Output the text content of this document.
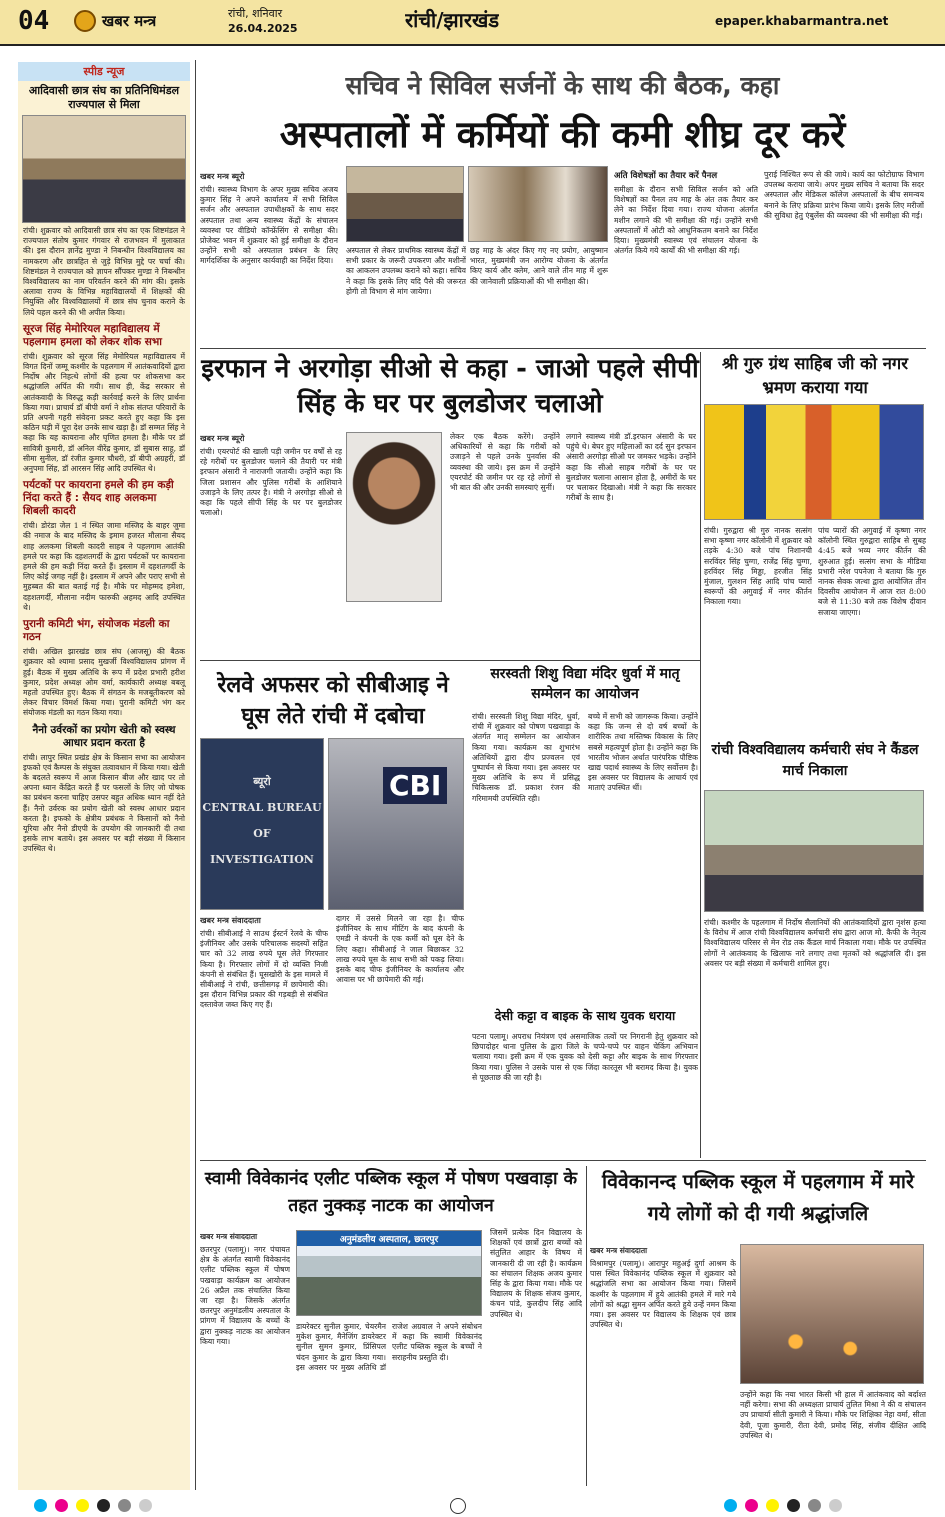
04	खबर मन्त्र	रांची, शनिवार
26.04.2025	रांची/झारखंड	epaper.khabarmantra.net
स्पीड न्यूज
आदिवासी छात्र संघ का प्रतिनिधिमंडल राज्यपाल से मिला
रांची। शुक्रवार को आदिवासी छात्र संघ का एक शिष्टमंडल ने राज्यपाल संतोष कुमार गंगवार से राजभवन में मुलाकात की। इस दौरान ज्ञानेंद्र मुण्डा ने निबन्धीन विश्वविद्यालय का नामकरण और छात्रहित से जुड़े विभिन्न मुद्दे पर चर्चा की। शिष्टमंडल ने राज्यपाल को ज्ञापन सौंपकर मुण्डा ने निबन्धीन विश्वविद्यालय का नाम परिवर्तन करने की मांग की। इसके अलावा राज्य के विभिन्न महाविद्यालयों में शिक्षकों की नियुक्ति और विश्वविद्यालयों में छात्र संघ चुनाव कराने के लिये पहल करने की भी अपील किया।
सूरज सिंह मेमोरियल महाविद्यालय में पहलगाम हमला को लेकर शोक सभा
रांची। शुक्रवार को सूरज सिंह मेमोरियल महाविद्यालय में विगत दिनों जम्मू कश्मीर के पहलगाम में आतंकवादियों द्वारा निर्दोष और निहत्थे लोगों की हत्या पर शोकसभा कर श्रद्धांजलि अर्पित की गयी। साथ ही, केंद्र सरकार से आतंकवादी के विरुद्ध कड़ी कार्रवाई करने के लिए प्रार्थना किया गया। प्राचार्य डॉ बीपी वर्मा ने शोक संतप्त परिवारों के प्रति अपनी गहरी संवेदना प्रकट करते हुए कहा कि इस कठिन घड़ी में पूरा देश उनके साथ खड़ा है। डॉ सम्मत सिंह ने कहा कि यह कायराना और घृणित हमला है। मौके पर डॉ सावित्री कुमारी, डॉ अनिल वीरेंद्र कुमार, डॉ सुबास साहू, डॉ सीमा सुनील, डॉ रंजीत कुमार चौधरी, डॉ बीपी अग्रहरी, डॉ अनुपमा सिंह, डॉ आरसन सिंह आदि उपस्थित थे।
पर्यटकों पर कायराना हमले की हम कड़ी निंदा करते हैं : सैयद शाह अलकमा शिबली कादरी
रांची। डोरंडा जेल 1 नं स्थित जामा मस्जिद के बाहर जुमा की नमाज के बाद मस्जिद के इमाम हजरत मौलाना सैयद शाह अलकमा शिबली कादरी साहब ने पहलगाम आतंकी हमले पर कहा कि दहशतगर्दी के द्वारा पर्यटकों पर कायराना हमले की हम कड़ी निंदा करते हैं। इस्लाम में दहशतगर्दी के लिए कोई जगह नहीं है। इस्लाम में अपने और पराए सभी से मुहब्बत की बात बताई गई है। मौके पर मोहम्मद हमेशा, दहशतगर्दी, मौलाना नदीम फारुकी अहमद आदि उपस्थित थे।
पुरानी कमिटी भंग, संयोजक मंडली का गठन
रांची। अखिल झारखंड छात्र संघ (आजसू) की बैठक शुक्रवार को श्यामा प्रसाद मुखर्जी विश्वविद्यालय प्रांगण में हुई। बैठक में मुख्य अतिथि के रूप में प्रदेश प्रभारी हरीश कुमार, प्रदेश अध्यक्ष ओम वर्मा, कार्यकारी अध्यक्ष बबलू महतो उपस्थित हुए। बैठक में संगठन के मजबूतीकरण को लेकर विचार विमर्श किया गया। पुरानी कमिटी भंग कर संयोजक मंडली का गठन किया गया।
नैनो उर्वरकों का प्रयोग खेती को स्वस्थ आधार प्रदान करता है
रांची। लापुर स्थित प्रखंड क्षेत्र के किसान सभा का आयोजन इफको एवं कैम्पस के संयुक्त तत्वावधान में किया गया। खेती के बदलते स्वरूप में आज किसान बीज और खाद पर तो अपना ध्यान केंद्रित करते हैं पर फसलों के लिए जो पोषक का प्रबंधन करना चाहिए उसपर बहुत अधिक ध्यान नहीं देते हैं। नैनो उर्वरक का प्रयोग खेती को स्वस्थ आधार प्रदान करता है। इफको के क्षेत्रीय प्रबंधक ने किसानों को नैनो यूरिया और नैनो डीएपी के उपयोग की जानकारी दी तथा इसके लाभ बताये। इस अवसर पर बड़ी संख्या में किसान उपस्थित थे।
सचिव ने सिविल सर्जनों के साथ की बैठक, कहा
अस्पतालों में कर्मियों की कमी शीघ्र दूर करें
खबर मन्त्र ब्यूरो
रांची। स्वास्थ्य विभाग के अपर मुख्य सचिव अजय कुमार सिंह ने अपने कार्यालय में सभी सिविल सर्जन और अस्पताल उपाधीक्षकों के साथ सदर अस्पताल तथा अन्य स्वास्थ्य केंद्रों के संचालन व्यवस्था पर वीडियो कॉन्फ्रेंसिंग से समीक्षा की। प्रोजेक्ट भवन में शुक्रवार को हुई समीक्षा के दौरान उन्होंने सभी को अस्पताल प्रबंधन के लिए मार्गदर्शिका के अनुसार कार्यवाही का निर्देश दिया।
अस्पताल से लेकर प्राथमिक स्वास्थ्य केंद्रों में सभी प्रकार के जरूरी उपकरण और मशीनों का आकलन उपलब्ध कराने को कहा। सचिव ने कहा कि इसके लिए यदि पैसे की जरूरत होगी तो विभाग से मांग जायेगा।
छह माह के अंदर किए गए नए प्रयोग, आयुष्मान भारत, मुख्यमंत्री जन आरोग्य योजना के अंतर्गत किए कार्य और क्लेम, आने वाले तीन माह में शुरू की जानेवाली प्रक्रियाओं की भी समीक्षा की।
अति विशेषज्ञों का तैयार करें पैनल
समीक्षा के दौरान सभी सिविल सर्जन को अति विशेषज्ञों का पैनल तय माह के अंत तक तैयार कर लेने का निर्देश दिया गया। राज्य योजना अंतर्गत मशीन लगाने की भी समीक्षा की गई। उन्होंने सभी अस्पतालों में ओटी को आधुनिकतम बनाने का निर्देश दिया। मुख्यमंत्री स्वास्थ्य एवं संचालन योजना के अंतर्गत किये गये कार्यों की भी समीक्षा की गई।
पुराई निश्चित रूप से की जाये। कार्य का फोटोग्राफ विभाग उपलब्ध कराया जाये। अपर मुख्य सचिव ने बताया कि सदर अस्पताल और मेडिकल कॉलेज अस्पतालों के बीच समन्वय बनाने के लिए प्रक्रिया प्रारंभ किया जाये। इसके लिए मरीजों की सुविधा हेतु एंबुलेंस की व्यवस्था की भी समीक्षा की गई।
इरफान ने अरगोड़ा सीओ से कहा - जाओ पहले सीपी सिंह के घर पर बुलडोजर चलाओ
खबर मन्त्र ब्यूरो
रांची। एयरपोर्ट की खाली पड़ी जमीन पर वर्षों से रह रहे गरीबों पर बुलडोजर चलाने की तैयारी पर मंत्री इरफान अंसारी ने नाराजगी जतायी। उन्होंने कहा कि जिला प्रशासन और पुलिस गरीबों के आशियाने उजाड़ने के लिए तत्पर है। मंत्री ने अरगोड़ा सीओ से कहा कि पहले सीपी सिंह के घर पर बुलडोजर चलाओ।
लेकर एक बैठक करेंगे। उन्होंने अधिकारियों से कहा कि गरीबों को उजाड़ने से पहले उनके पुनर्वास की व्यवस्था की जाये। इस क्रम में उन्होंने एयरपोर्ट की जमीन पर रह रहे लोगों से भी बात की और उनकी समस्याएं सुनीं।
लगाने स्वास्थ्य मंत्री डॉ.इरफान अंसारी के घर पहुंचे थे। बेघर हुए महिलाओं का दर्द सुन इरफान अंसारी अरगोड़ा सीओ पर जमकर भड़के। उन्होंने कहा कि सीओ साहब गरीबों के घर पर बुलडोजर चलाना आसान होता है, अमीरों के घर पर चलाकर दिखाओ। मंत्री ने कहा कि सरकार गरीबों के साथ है।
श्री गुरु ग्रंथ साहिब जी को नगर भ्रमण कराया गया
रांची। गुरुद्वारा श्री गुरु नानक सत्संग सभा कृष्णा नगर कॉलोनी में शुक्रवार को तड़के 4:30 बजे पांच निशानची सरविंदर सिंह चुग्गा, राजेंद्र सिंह चुग्गा, हरविंदर सिंह मिड्ढा, हरजीत सिंह मुंजाल, गुलशन सिंह आदि पांच प्यारों स्वरूपों की अगुवाई में नगर कीर्तन निकाला गया।
पांच प्यारों की अगुवाई में कृष्णा नगर कॉलोनी स्थित गुरुद्वारा साहिब से सुबह 4:45 बजे भव्य नगर कीर्तन की शुरुआत हुई। सत्संग सभा के मीडिया प्रभारी नरेश पपनेजा ने बताया कि गुरु नानक सेवक जत्था द्वारा आयोजित तीन दिवसीय आयोजन में आज रात 8:00 बजे से 11:30 बजे तक विशेष दीवान सजाया जाएगा।
रेलवे अफसर को सीबीआइ ने घूस लेते रांची में दबोचा
ब्यूरो
CENTRAL BUREAU
OF
INVESTIGATION
CBI
खबर मन्त्र संवाददाता
रांची। सीबीआई ने साउथ ईस्टर्न रेलवे के चीफ इंजीनियर और उसके परिचालक सदस्यों सहित चार को 32 लाख रुपये घूस लेते गिरफ्तार किया है। गिरफ्तार लोगों में दो व्यक्ति निजी कंपनी से संबंधित हैं। घूसखोरी के इस मामले में सीबीआई ने रांची, छत्तीसगढ़ में छापेमारी की। इस दौरान विभिन्न प्रकार की गड़बड़ी से संबंधित दस्तावेज जब्त किए गए हैं।
दागर में उससे मिलने जा रहा है। चीफ इंजीनियर के साथ मीटिंग के बाद कंपनी के एमडी ने कंपनी के एक कर्मी को घूस देने के लिए कहा। सीबीआई ने जाल बिछाकर 32 लाख रुपये घूस के साथ सभी को पकड़ लिया। इसके बाद चीफ इंजीनियर के कार्यालय और आवास पर भी छापेमारी की गई।
सरस्वती शिशु विद्या मंदिर धुर्वा में मातृ सम्मेलन का आयोजन
रांची। सरस्वती शिशु विद्या मंदिर, धुर्वा, रांची में शुक्रवार को पोषण पखवाड़ा के अंतर्गत मातृ सम्मेलन का आयोजन किया गया। कार्यक्रम का शुभारंभ अतिथियों द्वारा दीप प्रज्वलन एवं पुष्पार्चन से किया गया। इस अवसर पर मुख्य अतिथि के रूप में प्रसिद्ध चिकित्सक डॉ. प्रकाश रंजन की गरिमामयी उपस्थिति रही।
बच्चे में सभी को जागरूक किया। उन्होंने कहा कि जन्म से दो वर्ष बच्चों के शारीरिक तथा मस्तिष्क विकास के लिए सबसे महत्वपूर्ण होता है। उन्होंने कहा कि भारतीय भोजन अर्थात पारंपरिक पौष्टिक खाद्य पदार्थ स्वास्थ्य के लिए सर्वोत्तम है। इस अवसर पर विद्यालय के आचार्य एवं माताएं उपस्थित थीं।
देसी कट्टा व बाइक के साथ युवक धराया
पटना पलामू। अपराध नियंत्रण एवं असमाजिक तत्वों पर निगरानी हेतु शुक्रवार को छिपादोहर थाना पुलिस के द्वारा जिले के चप्पे-चप्पे पर वाहन चेकिंग अभियान चलाया गया। इसी क्रम में एक युवक को देसी कट्टा और बाइक के साथ गिरफ्तार किया गया। पुलिस ने उसके पास से एक जिंदा कारतूस भी बरामद किया है। युवक से पूछताछ की जा रही है।
रांची विश्वविद्यालय कर्मचारी संघ ने कैंडल मार्च निकाला
रांची। कश्मीर के पहलगाम में निर्दोष सैलानियों की आतंकवादियों द्वारा नृशंस हत्या के विरोध में आज रांची विश्वविद्यालय कर्मचारी संघ द्वारा आज मो. कैफी के नेतृत्व विश्वविद्यालय परिसर से मेन रोड तक कैंडल मार्च निकाला गया। मौके पर उपस्थित लोगों ने आतंकवाद के खिलाफ नारे लगाए तथा मृतकों को श्रद्धांजलि दी। इस अवसर पर बड़ी संख्या में कर्मचारी शामिल हुए।
स्वामी विवेकानंद एलीट पब्लिक स्कूल में पोषण पखवाड़ा के तहत नुक्कड़ नाटक का आयोजन
खबर मन्त्र संवाददाता
छतरपुर (पलामू)। नगर पंचायत क्षेत्र के अंतर्गत स्वामी विवेकानंद एलीट पब्लिक स्कूल में पोषण पखवाड़ा कार्यक्रम का आयोजन 26 अप्रैल तक संचालित किया जा रहा है। जिसके अंतर्गत छतरपुर अनुमंडलीय अस्पताल के प्रांगण में विद्यालय के बच्चों के द्वारा नुक्कड़ नाटक का आयोजन किया गया।
अनुमंडलीय अस्पताल, छतरपुर
डायरेक्टर सुनील कुमार, चेयरमैन मुकेश कुमार, मैनेजिंग डायरेक्टर सुनील सुमन कुमार, प्रिंसिपल चंदन कुमार के द्वारा किया गया। इस अवसर पर मुख्य अतिथि डॉ राजेश अग्रवाल ने अपने संबोधन में कहा कि स्वामी विवेकानंद एलीट पब्लिक स्कूल के बच्चों ने सराहनीय प्रस्तुति दी।
जिसमें प्रत्येक दिन विद्यालय के शिक्षकों एवं छात्रों द्वारा बच्चों को संतुलित आहार के विषय में जानकारी दी जा रही है। कार्यक्रम का संचालन शिक्षक अजय कुमार सिंह के द्वारा किया गया। मौके पर विद्यालय के शिक्षक संजय कुमार, कंचन पांडे, कुलदीप सिंह आदि उपस्थित थे।
विवेकानन्द पब्लिक स्कूल में पहलगाम में मारे गये लोगों को दी गयी श्रद्धांजलि
खबर मन्त्र संवाददाता
विश्रामपुर (पलामू)। आरापुर महुअई दुर्गा आश्रम के पास स्थित विवेकानंद पब्लिक स्कूल में शुक्रवार को श्रद्धांजलि सभा का आयोजन किया गया। जिसमें कश्मीर के पहलगाम में हुये आतंकी हमले में मारे गये लोगों को श्रद्धा सुमन अर्पित करते हुये उन्हें नमन किया गया। इस अवसर पर विद्यालय के शिक्षक एवं छात्र उपस्थित थे।
उन्होंने कहा कि नया भारत किसी भी हाल में आतंकवाद को बर्दाश्त नहीं करेगा। सभा की अध्यक्षता प्राचार्य तुलित मिश्रा ने की व संचालन उप प्राचार्या सीती कुमारी ने किया। मौके पर शिक्षिका नेहा वर्मा, सीता देवी, पूजा कुमारी, रीता देवी, प्रमोद सिंह, संजीव दीक्षित आदि उपस्थित थे।
